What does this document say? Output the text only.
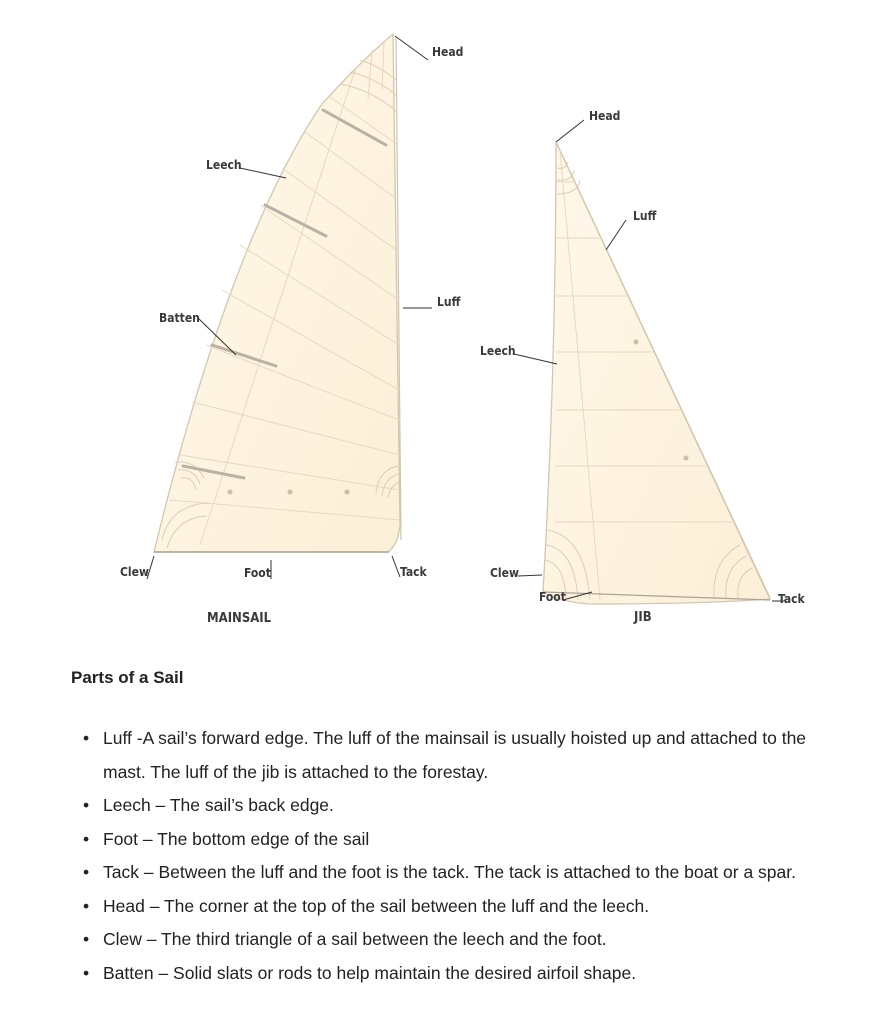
Head
Leech
Luff
Batten
Clew	Foot	Tack
MAINSAIL
Head
Luff
Leech
Clew
Foot	Tack
JIB
Parts of a Sail
• Luff -A sail’s forward edge. The luff of the mainsail is usually hoisted up and attached to the mast. The luff of the jib is attached to the forestay.
• Leech – The sail’s back edge.
• Foot – The bottom edge of the sail
• Tack – Between the luff and the foot is the tack. The tack is attached to the boat or a spar.
• Head – The corner at the top of the sail between the luff and the leech.
• Clew – The third triangle of a sail between the leech and the foot.
• Batten – Solid slats or rods to help maintain the desired airfoil shape.
